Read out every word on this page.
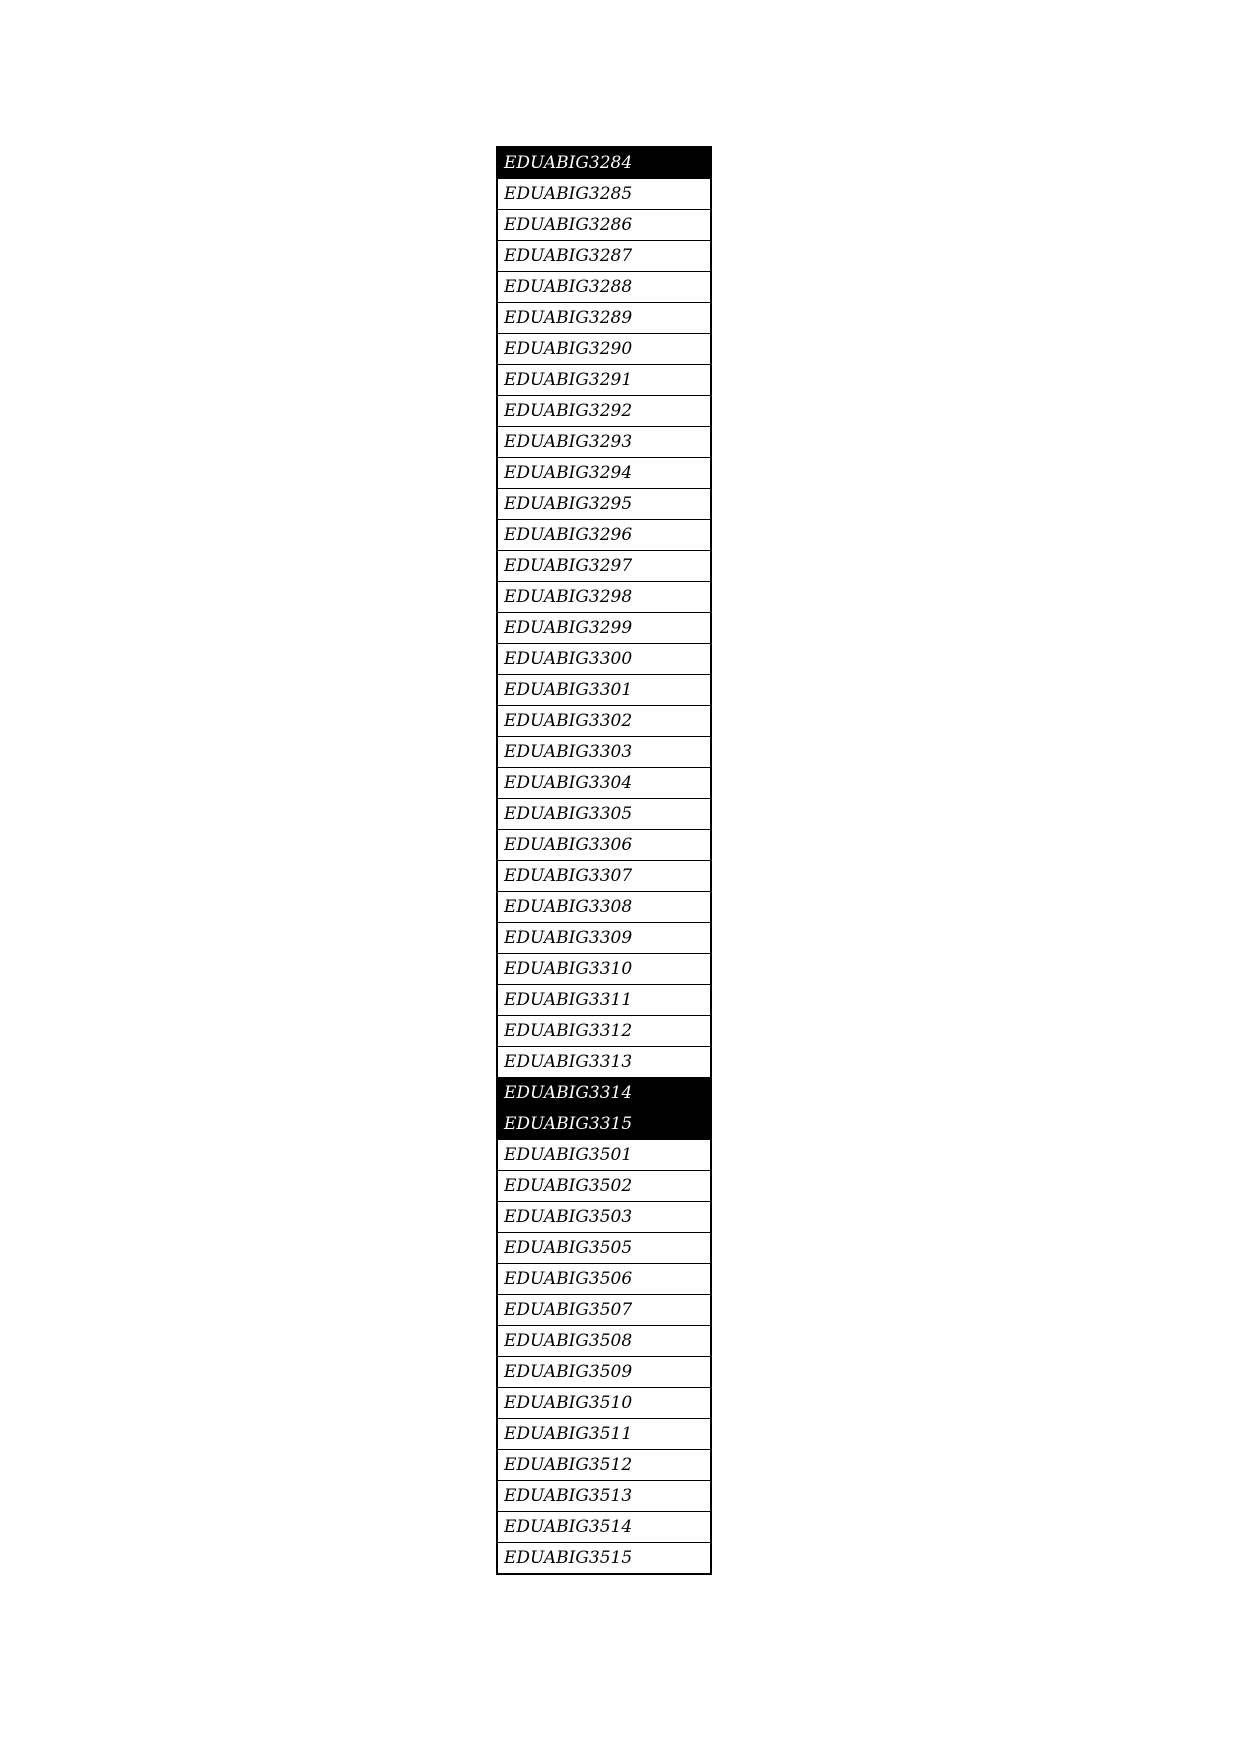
EDUABIG3284
EDUABIG3285
EDUABIG3286
EDUABIG3287
EDUABIG3288
EDUABIG3289
EDUABIG3290
EDUABIG3291
EDUABIG3292
EDUABIG3293
EDUABIG3294
EDUABIG3295
EDUABIG3296
EDUABIG3297
EDUABIG3298
EDUABIG3299
EDUABIG3300
EDUABIG3301
EDUABIG3302
EDUABIG3303
EDUABIG3304
EDUABIG3305
EDUABIG3306
EDUABIG3307
EDUABIG3308
EDUABIG3309
EDUABIG3310
EDUABIG3311
EDUABIG3312
EDUABIG3313
EDUABIG3314
EDUABIG3315
EDUABIG3501
EDUABIG3502
EDUABIG3503
EDUABIG3505
EDUABIG3506
EDUABIG3507
EDUABIG3508
EDUABIG3509
EDUABIG3510
EDUABIG3511
EDUABIG3512
EDUABIG3513
EDUABIG3514
EDUABIG3515
